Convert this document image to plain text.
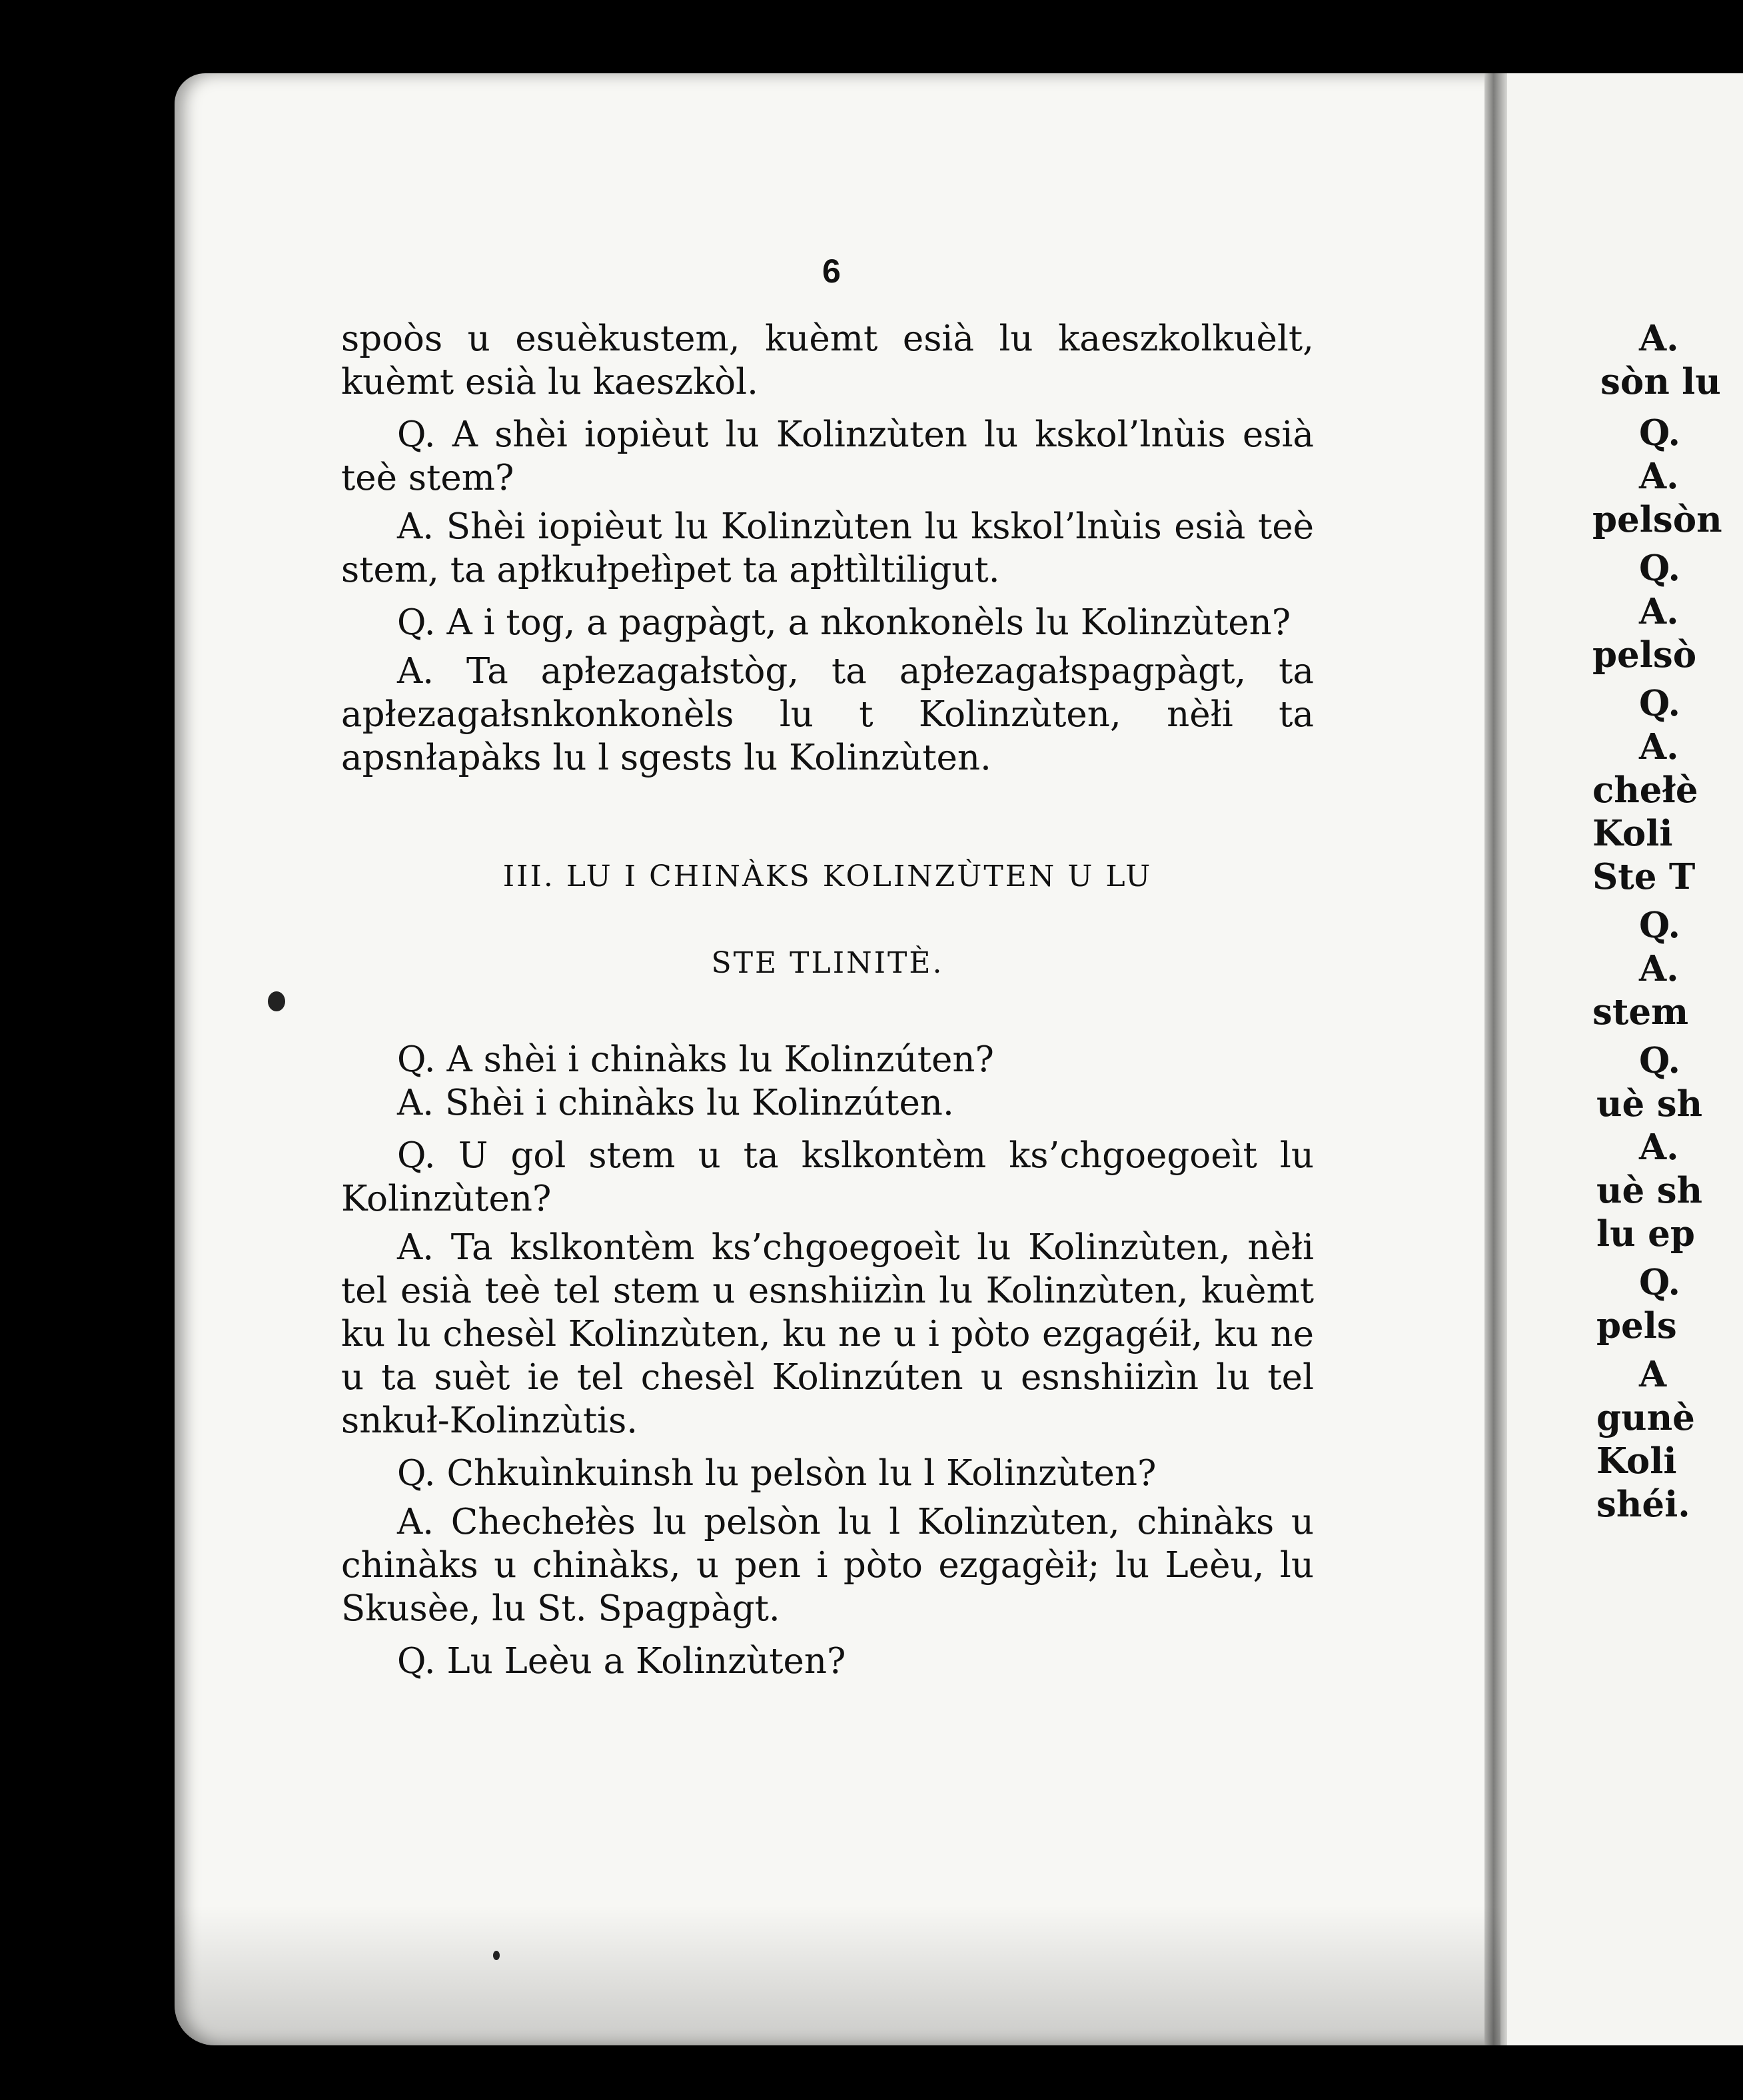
6

spoòs u esuèkustem, kuèmt esià lu kaeszkolkuèlt, kuèmt esià lu kaeszkòl.

Q. A shèi iopièut lu Kolinzùten lu kskol’lnùis esià teè stem?

A. Shèi iopièut lu Kolinzùten lu kskol’lnùis esià teè stem, ta apłkułpełìpet ta apłtìltiligut.

Q. A i tog, a pagpàgt, a nkonkonèls lu Kolinzùten?

A. Ta apłezagałstòg, ta apłezagałspagpàgt, ta apłezagałsnkonkonèls lu t Kolinzùten, nèłi ta apsnłapàks lu l sgests lu Kolinzùten.

III. LU I CHINÀKS KOLINZÙTEN U LU

STE TLINITÈ.

Q. A shèi i chinàks lu Kolinzúten?

A. Shèi i chinàks lu Kolinzúten.

Q. U gol stem u ta kslkontèm ks’chgoegoeìt lu Kolinzùten?

A. Ta kslkontèm ks’chgoegoeìt lu Kolinzùten, nèłi tel esià teè tel stem u esnshiizìn lu Kolinzùten, kuèmt ku lu chesèl Kolinzùten, ku ne u i pòto ezgagéił, ku ne u ta suèt ie tel chesèl Kolinzúten u esnshiizìn lu tel snkuł-Kolinzùtis.

Q. Chkuìnkuinsh lu pelsòn lu l Kolinzùten?

A. Chechełès lu pelsòn lu l Kolinzùten, chinàks u chinàks u chinàks, u pen i pòto ezgagèił; lu Leèu, lu Skusèe, lu St. Spagpàgt.

Q. Lu Leèu a Kolinzùten?

A.
sòn lu
Q.
A.
pelsòn
Q.
A.
pelsò
Q.
A.
chełè
Koli
Ste T
Q.
A.
stem
Q.
uè sh
A.
uè sh
lu ep
Q.
pels
A
gunè
Koli
shéi.
